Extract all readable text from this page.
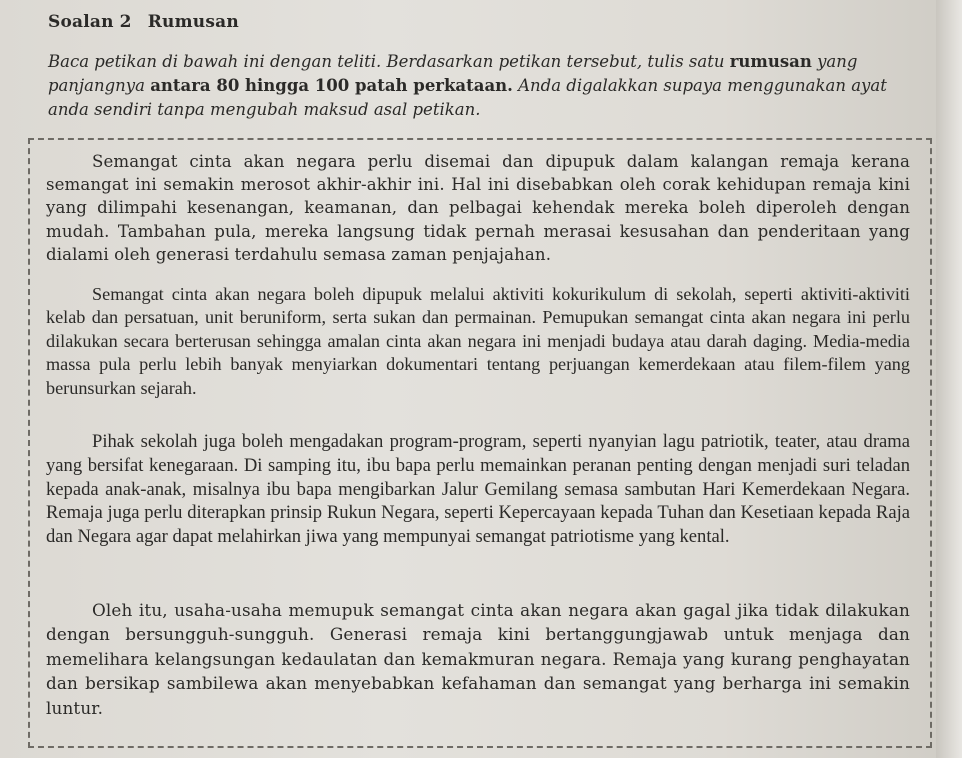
Soalan 2 Rumusan
Baca petikan di bawah ini dengan teliti. Berdasarkan petikan tersebut, tulis satu rumusan yang panjangnya antara 80 hingga 100 patah perkataan. Anda digalakkan supaya menggunakan ayat anda sendiri tanpa mengubah maksud asal petikan.

Semangat cinta akan negara perlu disemai dan dipupuk dalam kalangan remaja kerana semangat ini semakin merosot akhir-akhir ini. Hal ini disebabkan oleh corak kehidupan remaja kini yang dilimpahi kesenangan, keamanan, dan pelbagai kehendak mereka boleh diperoleh dengan mudah. Tambahan pula, mereka langsung tidak pernah merasai kesusahan dan penderitaan yang dialami oleh generasi terdahulu semasa zaman penjajahan.

Semangat cinta akan negara boleh dipupuk melalui aktiviti kokurikulum di sekolah, seperti aktiviti-aktiviti kelab dan persatuan, unit beruniform, serta sukan dan permainan. Pemupukan semangat cinta akan negara ini perlu dilakukan secara berterusan sehingga amalan cinta akan negara ini menjadi budaya atau darah daging. Media-media massa pula perlu lebih banyak menyiarkan dokumentari tentang perjuangan kemerdekaan atau filem-filem yang berunsurkan sejarah.

Pihak sekolah juga boleh mengadakan program-program, seperti nyanyian lagu patriotik, teater, atau drama yang bersifat kenegaraan. Di samping itu, ibu bapa perlu memainkan peranan penting dengan menjadi suri teladan kepada anak-anak, misalnya ibu bapa mengibarkan Jalur Gemilang semasa sambutan Hari Kemerdekaan Negara. Remaja juga perlu diterapkan prinsip Rukun Negara, seperti Kepercayaan kepada Tuhan dan Kesetiaan kepada Raja dan Negara agar dapat melahirkan jiwa yang mempunyai semangat patriotisme yang kental.

Oleh itu, usaha-usaha memupuk semangat cinta akan negara akan gagal jika tidak dilakukan dengan bersungguh-sungguh. Generasi remaja kini bertanggungjawab untuk menjaga dan memelihara kelangsungan kedaulatan dan kemakmuran negara. Remaja yang kurang penghayatan dan bersikap sambilewa akan menyebabkan kefahaman dan semangat yang berharga ini semakin luntur.
